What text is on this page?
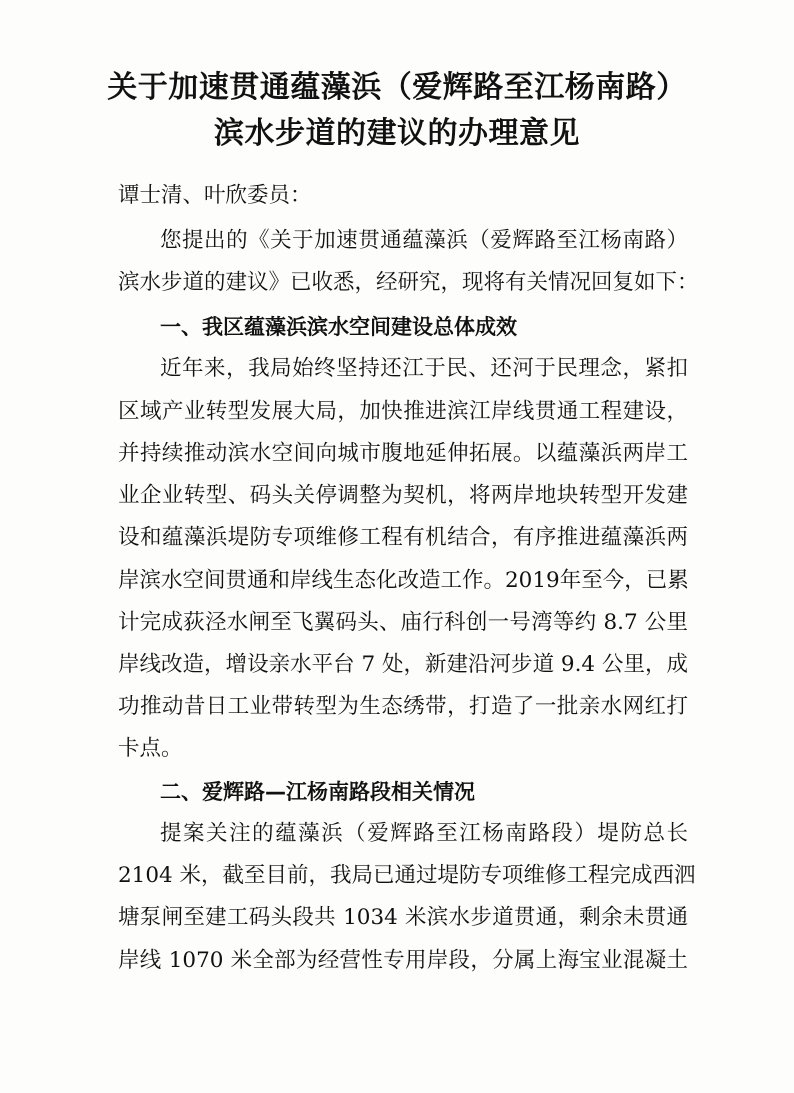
关于加速贯通蕴藻浜（爱辉路至江杨南路）
滨水步道的建议的办理意见
谭士清、叶欣委员：
您提出的《关于加速贯通蕴藻浜（爱辉路至江杨南路）
滨水步道的建议》已收悉，经研究，现将有关情况回复如下：
一、我区蕴藻浜滨水空间建设总体成效
近年来，我局始终坚持还江于民、还河于民理念，紧扣
区域产业转型发展大局，加快推进滨江岸线贯通工程建设，
并持续推动滨水空间向城市腹地延伸拓展。以蕴藻浜两岸工
业企业转型、码头关停调整为契机，将两岸地块转型开发建
设和蕴藻浜堤防专项维修工程有机结合，有序推进蕴藻浜两
岸滨水空间贯通和岸线生态化改造工作。2019年至今，已累
计完成荻泾水闸至飞翼码头、庙行科创一号湾等约 8.7 公里
岸线改造，增设亲水平台 7 处，新建沿河步道 9.4 公里，成
功推动昔日工业带转型为生态绣带，打造了一批亲水网红打
卡点。
二、爱辉路—江杨南路段相关情况
提案关注的蕴藻浜（爱辉路至江杨南路段）堤防总长
2104 米，截至目前，我局已通过堤防专项维修工程完成西泗
塘泵闸至建工码头段共 1034 米滨水步道贯通，剩余未贯通
岸线 1070 米全部为经营性专用岸段，分属上海宝业混凝土
